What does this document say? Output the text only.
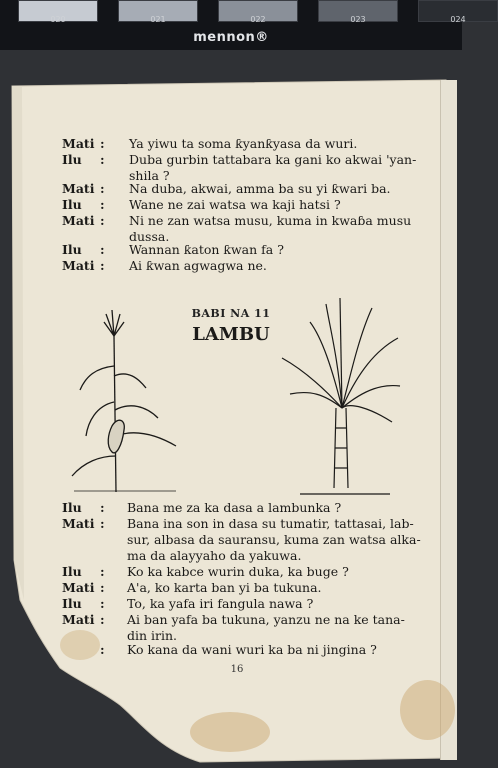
020	021	022	023	024
mennon®
BABI NA 11
LAMBU
16
Mati : Ya yiwu ta soma ƙyanƙyasa da wuri.
Ilu : Duba gurbin tattabara ka gani ko akwai 'yan-
shila ?
Mati : Na duba, akwai, amma ba su yi ƙwari ba.
Ilu : Wane ne zai watsa wa kaji hatsi ?
Mati : Ni ne zan watsa musu, kuma in kwaɓa musu
dussa.
Ilu : Wannan ƙaton ƙwan fa ?
Mati : Ai ƙwan agwagwa ne.
Ilu : Bana me za ka dasa a lambunka ?
Mati : Bana ina son in dasa su tumatir, tattasai, lab-
sur, albasa da sauransu, kuma zan watsa alka-
ma da alayyaho da yakuwa.
Ilu : Ko ka kabce wurin duka, ka buge ?
Mati : A'a, ko karta ban yi ba tukuna.
Ilu : To, ka yafa iri fangula nawa ?
Mati : Ai ban yafa ba tukuna, yanzu ne na ke tana-
din irin.
: Ko kana da wani wuri ka ba ni jingina ?
